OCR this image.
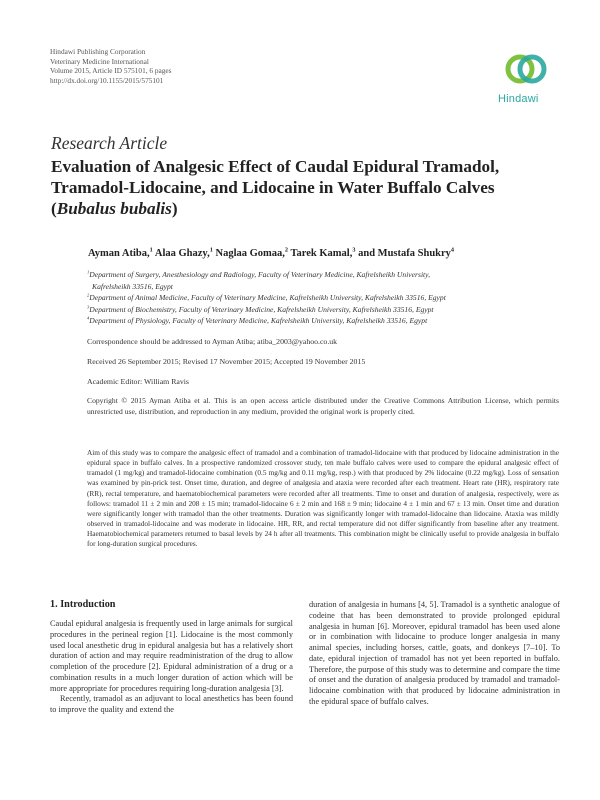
Hindawi Publishing Corporation
Veterinary Medicine International
Volume 2015, Article ID 575101, 6 pages
http://dx.doi.org/10.1155/2015/575101
Hindawi
Research Article
Evaluation of Analgesic Effect of Caudal Epidural Tramadol, Tramadol-Lidocaine, and Lidocaine in Water Buffalo Calves (Bubalus bubalis)
Ayman Atiba,$^1$ Alaa Ghazy,$^1$ Naglaa Gomaa,$^2$ Tarek Kamal,$^3$ and Mustafa Shukry$^4$
$^1$Department of Surgery, Anesthesiology and Radiology, Faculty of Veterinary Medicine, Kafrelsheikh University,
Kafrelsheikh 33516, Egypt
$^2$Department of Animal Medicine, Faculty of Veterinary Medicine, Kafrelsheikh University, Kafrelsheikh 33516, Egypt
$^3$Department of Biochemistry, Faculty of Veterinary Medicine, Kafrelsheikh University, Kafrelsheikh 33516, Egypt
$^4$Department of Physiology, Faculty of Veterinary Medicine, Kafrelsheikh University, Kafrelsheikh 33516, Egypt
Correspondence should be addressed to Ayman Atiba; atiba_2003@yahoo.co.uk
Received 26 September 2015; Revised 17 November 2015; Accepted 19 November 2015
Academic Editor: William Ravis
Copyright © 2015 Ayman Atiba et al. This is an open access article distributed under the Creative Commons Attribution License, which permits unrestricted use, distribution, and reproduction in any medium, provided the original work is properly cited.
Aim of this study was to compare the analgesic effect of tramadol and a combination of tramadol-lidocaine with that produced by lidocaine administration in the epidural space in buffalo calves. In a prospective randomized crossover study, ten male buffalo calves were used to compare the epidural analgesic effect of tramadol (1 mg/kg) and tramadol-lidocaine combination (0.5 mg/kg and 0.11 mg/kg, resp.) with that produced by 2% lidocaine (0.22 mg/kg). Loss of sensation was examined by pin-prick test. Onset time, duration, and degree of analgesia and ataxia were recorded after each treatment. Heart rate (HR), respiratory rate (RR), rectal temperature, and haematobiochemical parameters were recorded after all treatments. Time to onset and duration of analgesia, respectively, were as follows: tramadol 11 ± 2 min and 208 ± 15 min; tramadol-lidocaine 6 ± 2 min and 168 ± 9 min; lidocaine 4 ± 1 min and 67 ± 13 min. Onset time and duration were significantly longer with tramadol than the other treatments. Duration was significantly longer with tramadol-lidocaine than lidocaine. Ataxia was mildly observed in tramadol-lidocaine and was moderate in lidocaine. HR, RR, and rectal temperature did not differ significantly from baseline after any treatment. Haematobiochemical parameters returned to basal levels by 24 h after all treatments. This combination might be clinically useful to provide analgesia in buffalo for long-duration surgical procedures.
1. Introduction

Caudal epidural analgesia is frequently used in large animals for surgical procedures in the perineal region [1]. Lidocaine is the most commonly used local anesthetic drug in epidural analgesia but has a relatively short duration of action and may require readministration of the drug to allow completion of the procedure [2]. Epidural administration of a drug or a combination results in a much longer duration of action which will be more appropriate for procedures requiring long-duration analgesia [3].

Recently, tramadol as an adjuvant to local anesthetics has been found to improve the quality and extend the

duration of analgesia in humans [4, 5]. Tramadol is a synthetic analogue of codeine that has been demonstrated to provide prolonged epidural analgesia in human [6]. Moreover, epidural tramadol has been used alone or in combination with lidocaine to produce longer analgesia in many animal species, including horses, cattle, goats, and donkeys [7–10]. To date, epidural injection of tramadol has not yet been reported in buffalo. Therefore, the purpose of this study was to determine and compare the time of onset and the duration of analgesia produced by tramadol and tramadol-lidocaine combination with that produced by lidocaine administration in the epidural space of buffalo calves.
